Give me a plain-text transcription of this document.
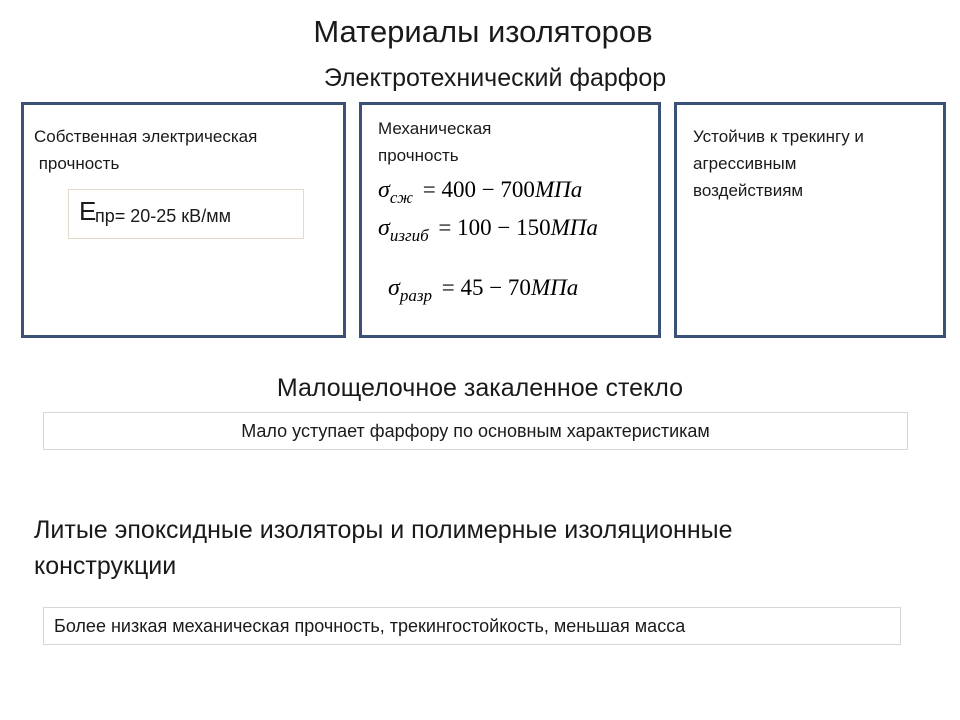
Материалы изоляторов
Электротехнический фарфор
Собственная электрическая
прочность
E
пр= 20-25 кВ/мм
Механическая
прочность
$\sigma_{сж} = 400 - 700МПа$
$\sigma_{изгиб} = 100 - 150МПа$
$\sigma_{разр} = 45 - 70МПа$
Устойчив к трекингу и
агрессивным
воздействиям
Малощелочное закаленное стекло
Мало уступает фарфору по основным характеристикам
Литые эпоксидные изоляторы и полимерные изоляционные
конструкции
Более низкая механическая прочность, трекингостойкость, меньшая масса
